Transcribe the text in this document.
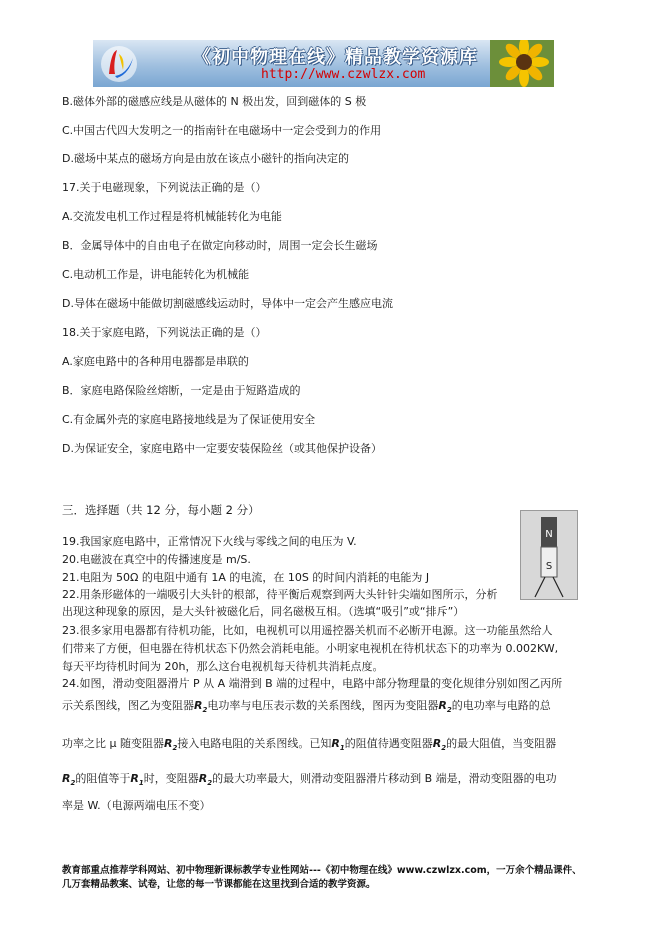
《初中物理在线》精品教学资源库
http://www.czwlzx.com
B.磁体外部的磁感应线是从磁体的 N 极出发，回到磁体的 S 极
C.中国古代四大发明之一的指南针在电磁场中一定会受到力的作用
D.磁场中某点的磁场方向是由放在该点小磁针的指向决定的
17.关于电磁现象，下列说法正确的是（）
A.交流发电机工作过程是将机械能转化为电能
B．金属导体中的自由电子在做定向移动时，周围一定会长生磁场
C.电动机工作是，讲电能转化为机械能
D.导体在磁场中能做切割磁感线运动时，导体中一定会产生感应电流
18.关于家庭电路，下列说法正确的是（）
A.家庭电路中的各种用电器都是串联的
B．家庭电路保险丝熔断，一定是由于短路造成的
C.有金属外壳的家庭电路接地线是为了保证使用安全
D.为保证安全，家庭电路中一定要安装保险丝（或其他保护设备）
三．选择题（共 12 分，每小题 2 分）
N
S
19.我国家庭电路中，正常情况下火线与零线之间的电压为 V.
20.电磁波在真空中的传播速度是 m/S.
21.电阻为 50Ω 的电阻中通有 1A 的电流，在 10S 的时间内消耗的电能为 J
22.用条形磁体的一端吸引大头针的根部，待平衡后观察到两大头针针尖端如图所示，分析
出现这种现象的原因，是大头针被磁化后，同名磁极互相。（选填“吸引”或“排斥”）
23.很多家用电器都有待机功能，比如，电视机可以用遥控器关机而不必断开电源。这一功能虽然给人
们带来了方便，但电器在待机状态下仍然会消耗电能。小明家电视机在待机状态下的功率为 0.002KW,
每天平均待机时间为 20h，那么这台电视机每天待机共消耗点度。
24.如图，滑动变阻器滑片 P 从 A 端滑到 B 端的过程中，电路中部分物理量的变化规律分别如图乙丙所
示关系图线，图乙为变阻器$R_2$电功率与电压表示数的关系图线，图丙为变阻器$R_2$的电功率与电路的总
功率之比 μ 随变阻器$R_2$接入电路电阻的关系图线。已知$R_1$的阻值待遇变阻器$R_2$的最大阻值，当变阻器
$R_2$的阻值等于$R_1$时，变阻器$R_2$的最大功率最大，则滑动变阻器滑片移动到 B 端是，滑动变阻器的电功
率是 W.（电源两端电压不变）
教育部重点推荐学科网站、初中物理新课标教学专业性网站---《初中物理在线》www.czwlzx.com，一万余个精品课件、
几万套精品教案、试卷，让您的每一节课都能在这里找到合适的教学资源。
